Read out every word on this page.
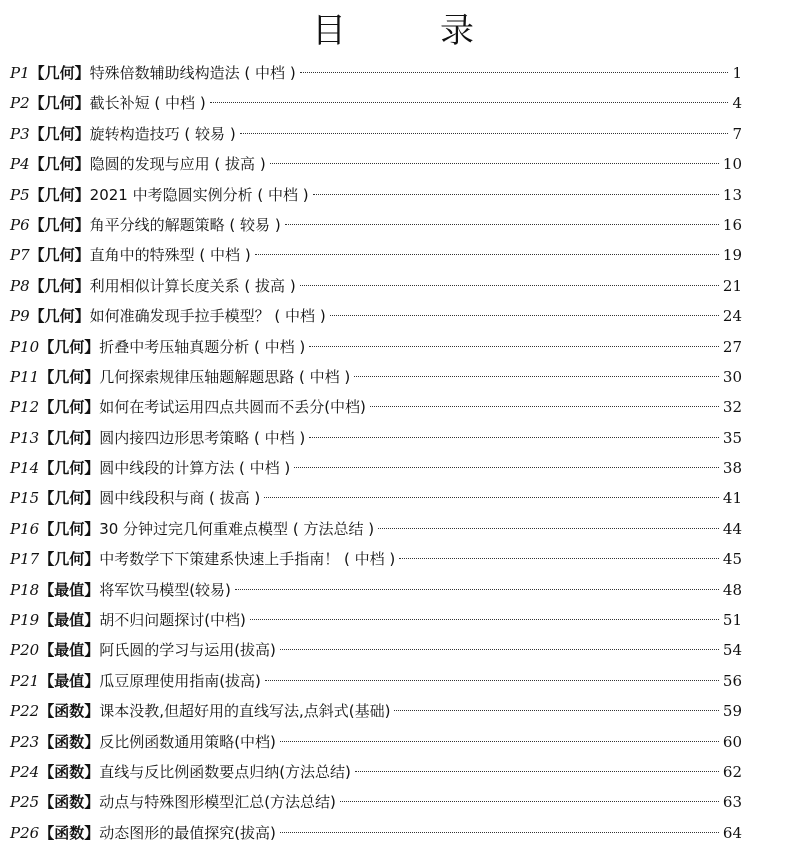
目　录
P1 【几何】 特殊倍数辅助线构造法 ( 中档 )	1
P2 【几何】 截长补短 ( 中档 )	4
P3 【几何】 旋转构造技巧 ( 较易 )	7
P4 【几何】 隐圆的发现与应用 ( 拔高 )	10
P5 【几何】 2021 中考隐圆实例分析 ( 中档 )	13
P6 【几何】 角平分线的解题策略 ( 较易 )	16
P7 【几何】 直角中的特殊型 ( 中档 )	19
P8 【几何】 利用相似计算长度关系 ( 拔高 )	21
P9 【几何】 如何准确发现手拉手模型？ ( 中档 )	24
P10 【几何】 折叠中考压轴真题分析 ( 中档 )	27
P11 【几何】 几何探索规律压轴题解题思路 ( 中档 )	30
P12 【几何】 如何在考试运用四点共圆而不丢分(中档)	32
P13 【几何】 圆内接四边形思考策略 ( 中档 )	35
P14 【几何】 圆中线段的计算方法 ( 中档 )	38
P15 【几何】 圆中线段积与商 ( 拔高 )	41
P16 【几何】 30 分钟过完几何重难点模型 ( 方法总结 )	44
P17 【几何】 中考数学下下策建系快速上手指南！ ( 中档 )	45
P18 【最值】 将军饮马模型(较易)	48
P19 【最值】 胡不归问题探讨(中档)	51
P20 【最值】 阿氏圆的学习与运用(拔高)	54
P21 【最值】 瓜豆原理使用指南(拔高)	56
P22 【函数】 课本没教,但超好用的直线写法,点斜式(基础)	59
P23 【函数】 反比例函数通用策略(中档)	60
P24 【函数】 直线与反比例函数要点归纳(方法总结)	62
P25 【函数】 动点与特殊图形模型汇总(方法总结)	63
P26 【函数】 动态图形的最值探究(拔高)	64
